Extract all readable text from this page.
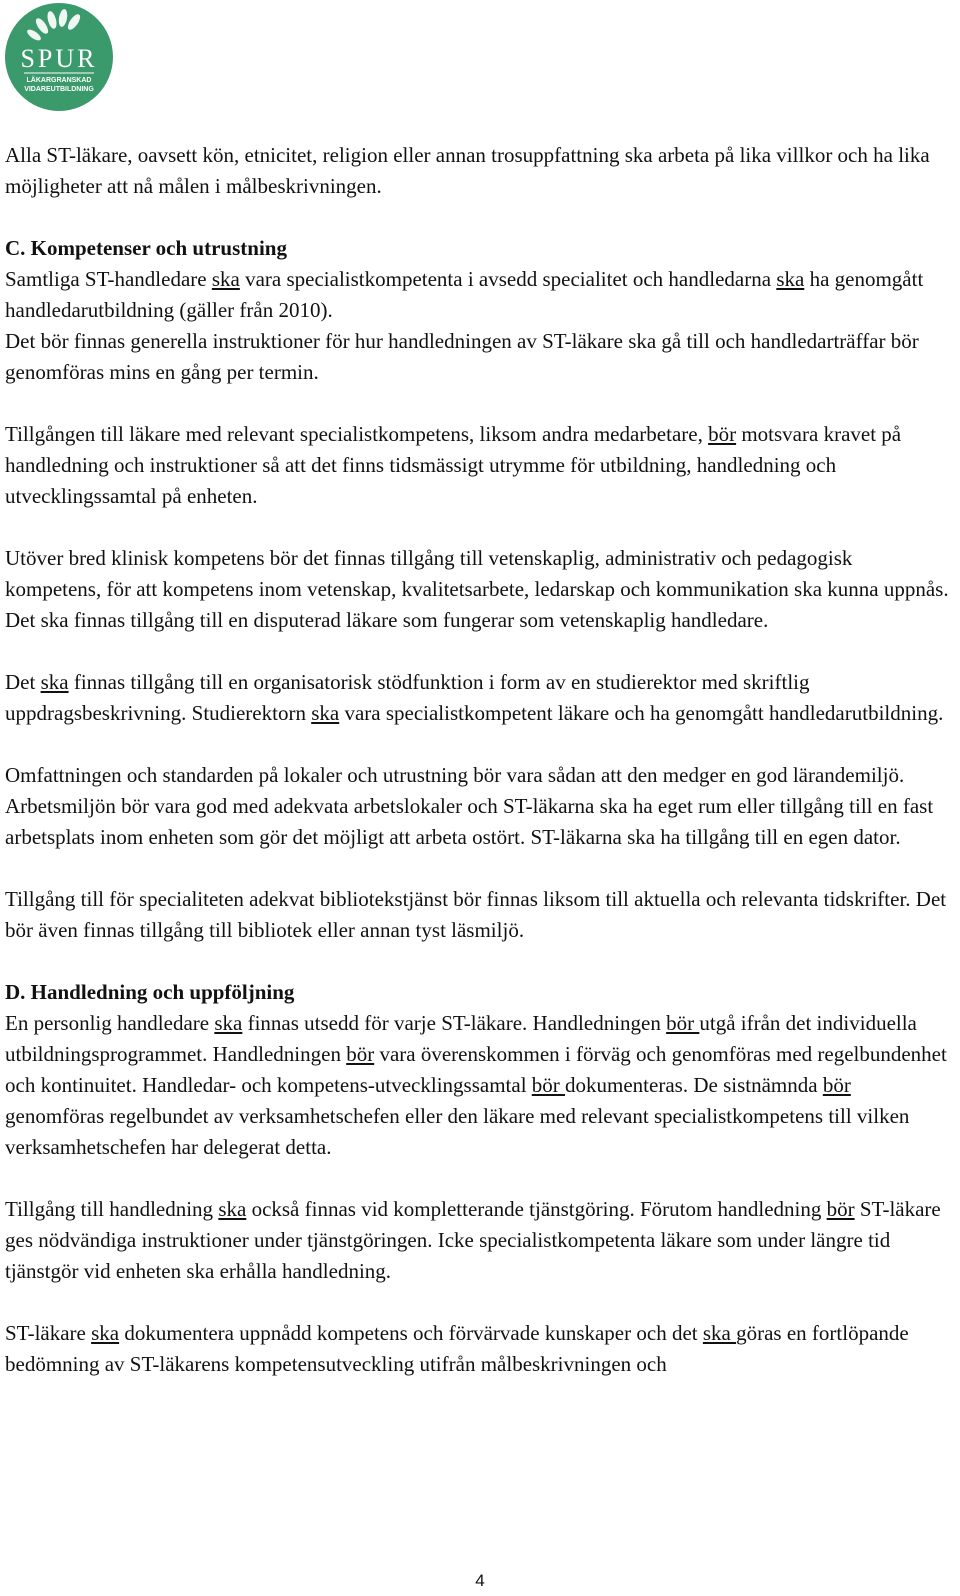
SPUR
LÄKARGRANSKAD
VIDAREUTBILDNING

Alla ST-läkare, oavsett kön, etnicitet, religion eller annan trosuppfattning ska arbeta på lika villkor och ha lika möjligheter att nå målen i målbeskrivningen.

C. Kompetenser och utrustning
Samtliga ST-handledare ska vara specialistkompetenta i avsedd specialitet och handledarna ska ha genomgått handledarutbildning (gäller från 2010).

Det bör finnas generella instruktioner för hur handledningen av ST-läkare ska gå till och handledarträffar bör genomföras mins en gång per termin.

Tillgången till läkare med relevant specialistkompetens, liksom andra medarbetare, bör motsvara kravet på handledning och instruktioner så att det finns tidsmässigt utrymme för utbildning, handledning och utvecklingssamtal på enheten.

Utöver bred klinisk kompetens bör det finnas tillgång till vetenskaplig, administrativ och pedagogisk kompetens, för att kompetens inom vetenskap, kvalitetsarbete, ledarskap och kommunikation ska kunna uppnås. Det ska finnas tillgång till en disputerad läkare som fungerar som vetenskaplig handledare.

Det ska finnas tillgång till en organisatorisk stödfunktion i form av en studierektor med skriftlig uppdragsbeskrivning. Studierektorn ska vara specialistkompetent läkare och ha genomgått handledarutbildning.

Omfattningen och standarden på lokaler och utrustning bör vara sådan att den medger en god lärandemiljö. Arbetsmiljön bör vara god med adekvata arbetslokaler och ST-läkarna ska ha eget rum eller tillgång till en fast arbetsplats inom enheten som gör det möjligt att arbeta ostört. ST-läkarna ska ha tillgång till en egen dator.

Tillgång till för specialiteten adekvat bibliotekstjänst bör finnas liksom till aktuella och relevanta tidskrifter. Det bör även finnas tillgång till bibliotek eller annan tyst läsmiljö.

D. Handledning och uppföljning
En personlig handledare ska finnas utsedd för varje ST-läkare. Handledningen bör utgå ifrån det individuella utbildningsprogrammet. Handledningen bör vara överenskommen i förväg och genomföras med regelbundenhet och kontinuitet. Handledar- och kompetens-utvecklingssamtal bör dokumenteras. De sistnämnda bör genomföras regelbundet av verksamhetschefen eller den läkare med relevant specialistkompetens till vilken verksamhetschefen har delegerat detta.

Tillgång till handledning ska också finnas vid kompletterande tjänstgöring. Förutom handledning bör ST-läkare ges nödvändiga instruktioner under tjänstgöringen. Icke specialistkompetenta läkare som under längre tid tjänstgör vid enheten ska erhålla handledning.

ST-läkare ska dokumentera uppnådd kompetens och förvärvade kunskaper och det ska göras en fortlöpande bedömning av ST-läkarens kompetensutveckling utifrån målbeskrivningen och

4
